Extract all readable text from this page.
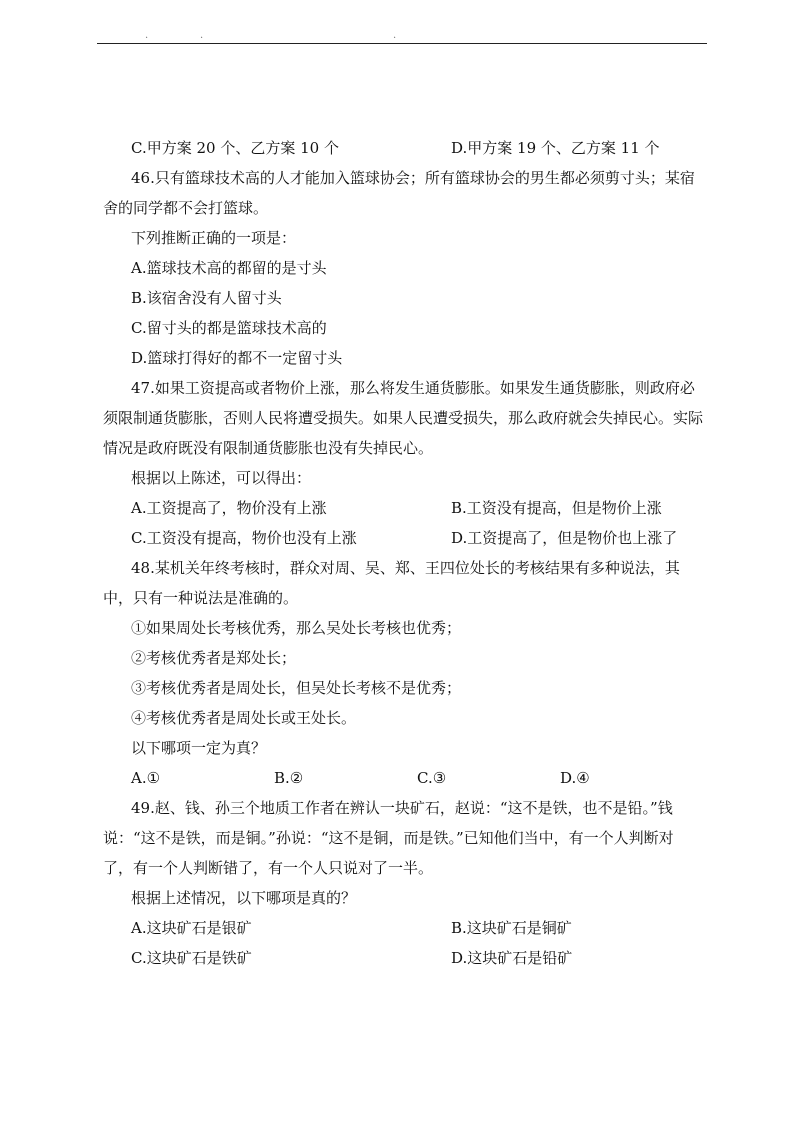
.	.	.
C.甲方案 20 个、乙方案 10 个	D.甲方案 19 个、乙方案 11 个
46.只有篮球技术高的人才能加入篮球协会；所有篮球协会的男生都必须剪寸头；某宿舍的同学都不会打篮球。
下列推断正确的一项是：
A.篮球技术高的都留的是寸头
B.该宿舍没有人留寸头
C.留寸头的都是篮球技术高的
D.篮球打得好的都不一定留寸头
47.如果工资提高或者物价上涨，那么将发生通货膨胀。如果发生通货膨胀，则政府必须限制通货膨胀，否则人民将遭受损失。如果人民遭受损失，那么政府就会失掉民心。实际情况是政府既没有限制通货膨胀也没有失掉民心。
根据以上陈述，可以得出：
A.工资提高了，物价没有上涨	B.工资没有提高，但是物价上涨
C.工资没有提高，物价也没有上涨	D.工资提高了，但是物价也上涨了
48.某机关年终考核时，群众对周、吴、郑、王四位处长的考核结果有多种说法，其中，只有一种说法是准确的。
①如果周处长考核优秀，那么吴处长考核也优秀；
②考核优秀者是郑处长；
③考核优秀者是周处长，但吴处长考核不是优秀；
④考核优秀者是周处长或王处长。
以下哪项一定为真？
A.①	B.②	C.③	D.④
49.赵、钱、孙三个地质工作者在辨认一块矿石，赵说：“这不是铁，也不是铅。”钱说：“这不是铁，而是铜。”孙说：“这不是铜，而是铁。”已知他们当中，有一个人判断对了，有一个人判断错了，有一个人只说对了一半。
根据上述情况，以下哪项是真的？
A.这块矿石是银矿	B.这块矿石是铜矿
C.这块矿石是铁矿	D.这块矿石是铅矿
